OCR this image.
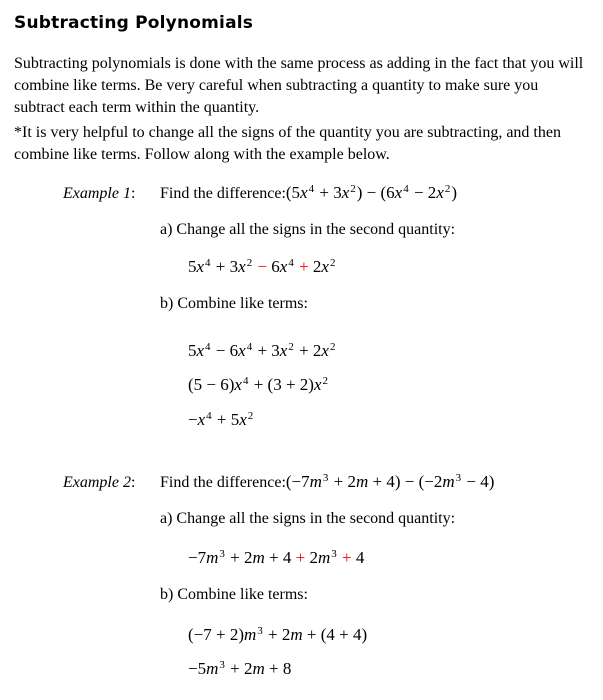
Subtracting Polynomials
Subtracting polynomials is done with the same process as adding in the fact that you will
combine like terms. Be very careful when subtracting a quantity to make sure you
subtract each term within the quantity.
*It is very helpful to change all the signs of the quantity you are subtracting, and then
combine like terms. Follow along with the example below.
Example 1:	Find the difference: $(5x^4 + 3x^2) - (6x^4 - 2x^2)$
a) Change all the signs in the second quantity:
$5x^4 + 3x^2 - 6x^4 + 2x^2$
b) Combine like terms:
$5x^4 - 6x^4 + 3x^2 + 2x^2$
$(5 - 6)x^4 + (3 + 2)x^2$
$-x^4 + 5x^2$
Example 2:	Find the difference: $(-7m^3 + 2m + 4) - (-2m^3 - 4)$
a) Change all the signs in the second quantity:
$-7m^3 + 2m + 4 + 2m^3 + 4$
b) Combine like terms:
$(-7 + 2)m^3 + 2m + (4 + 4)$
$-5m^3 + 2m + 8$
